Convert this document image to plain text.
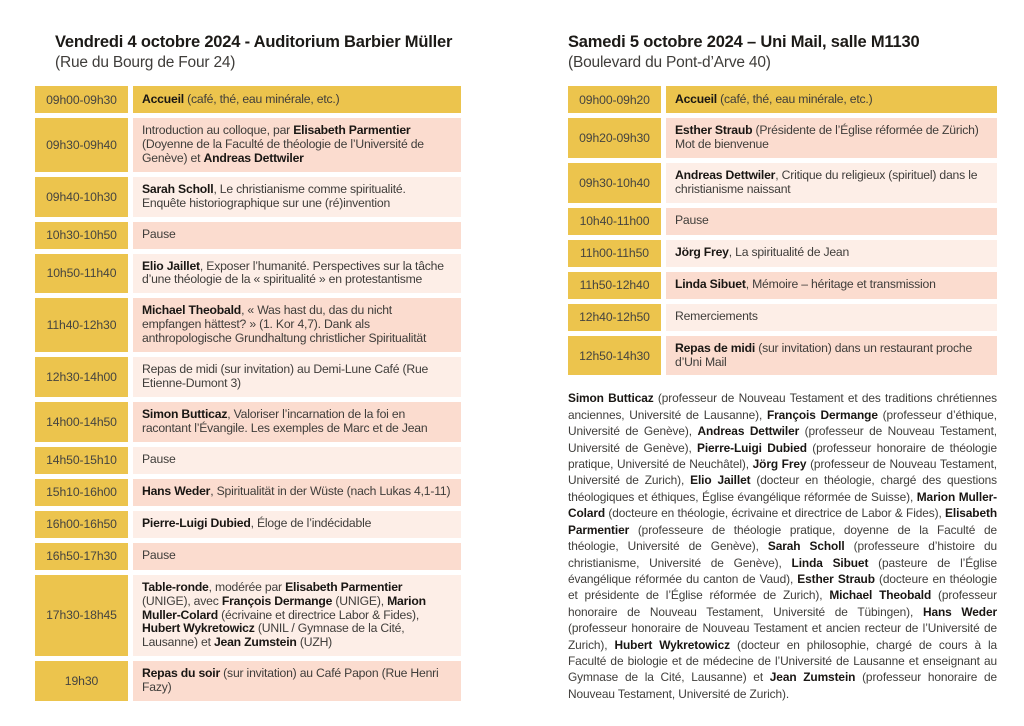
Vendredi 4 octobre 2024 - Auditorium Barbier Müller
(Rue du Bourg de Four 24)
09h00-09h30	Accueil (café, thé, eau minérale, etc.)
09h30-09h40
Introduction au colloque, par Elisabeth Parmentier (Doyenne de la Faculté de théologie de l’Université de Genève) et Andreas Dettwiler
09h40-10h30
Sarah Scholl, Le christianisme comme spiritualité. Enquête historiographique sur une (ré)invention
10h30-10h50	Pause
10h50-11h40
Elio Jaillet, Exposer l’humanité. Perspectives sur la tâche d’une théologie de la « spiritualité » en protestantisme
11h40-12h30
Michael Theobald, « Was hast du, das du nicht empfangen hättest? » (1. Kor 4,7). Dank als anthropologische Grundhaltung christlicher Spiritualität
12h30-14h00
Repas de midi (sur invitation) au Demi-Lune Café (Rue Etienne-Dumont 3)
14h00-14h50
Simon Butticaz, Valoriser l’incarnation de la foi en racontant l’Évangile. Les exemples de Marc et de Jean
14h50-15h10	Pause
15h10-16h00	Hans Weder, Spiritualität in der Wüste (nach Lukas 4,1-11)
16h00-16h50	Pierre-Luigi Dubied, Éloge de l’indécidable
16h50-17h30	Pause
17h30-18h45
Table-ronde, modérée par Elisabeth Parmentier (UNIGE), avec François Dermange (UNIGE), Marion Muller-Colard (écrivaine et directrice Labor & Fides), Hubert Wykretowicz (UNIL / Gymnase de la Cité, Lausanne) et Jean Zumstein (UZH)
19h30
Repas du soir (sur invitation) au Café Papon (Rue Henri Fazy)
Samedi 5 octobre 2024 – Uni Mail, salle M1130
(Boulevard du Pont-d’Arve 40)
09h00-09h20	Accueil (café, thé, eau minérale, etc.)
09h20-09h30
Esther Straub (Présidente de l’Église réformée de Zürich)
Mot de bienvenue
09h30-10h40
Andreas Dettwiler, Critique du religieux (spirituel) dans le christianisme naissant
10h40-11h00	Pause
11h00-11h50	Jörg Frey, La spiritualité de Jean
11h50-12h40	Linda Sibuet, Mémoire – héritage et transmission
12h40-12h50	Remerciements
12h50-14h30
Repas de midi (sur invitation) dans un restaurant proche d’Uni Mail

Simon Butticaz (professeur de Nouveau Testament et des traditions chrétiennes anciennes, Université de Lausanne), François Dermange (professeur d’éthique, Université de Genève), Andreas Dettwiler (professeur de Nouveau Testament, Université de Genève), Pierre-Luigi Dubied (professeur honoraire de théologie pratique, Université de Neuchâtel), Jörg Frey (professeur de Nouveau Testament, Université de Zurich), Elio Jaillet (docteur en théologie, chargé des questions théologiques et éthiques, Église évangélique réformée de Suisse), Marion Muller-Colard (docteure en théologie, écrivaine et directrice de Labor & Fides), Elisabeth Parmentier (professeure de théologie pratique, doyenne de la Faculté de théologie, Université de Genève), Sarah Scholl (professeure d’histoire du christianisme, Université de Genève), Linda Sibuet (pasteure de l’Église évangélique réformée du canton de Vaud), Esther Straub (docteure en théologie et présidente de l’Église réformée de Zurich), Michael Theobald (professeur honoraire de Nouveau Testament, Université de Tübingen), Hans Weder (professeur honoraire de Nouveau Testament et ancien recteur de l’Université de Zurich), Hubert Wykretowicz (docteur en philosophie, chargé de cours à la Faculté de biologie et de médecine de l’Université de Lausanne et enseignant au Gymnase de la Cité, Lausanne) et Jean Zumstein (professeur honoraire de Nouveau Testament, Université de Zurich).
